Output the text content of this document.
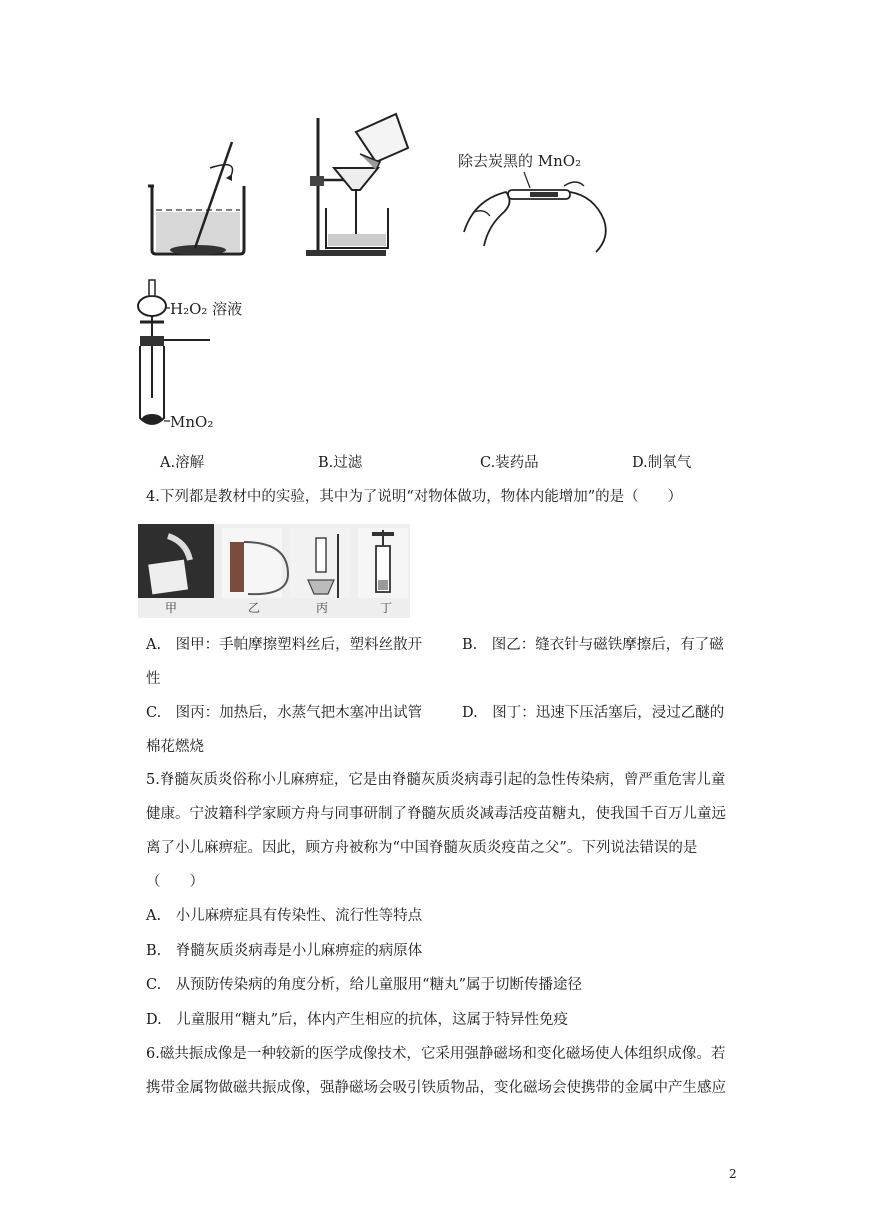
除去炭黑的 MnO₂
H₂O₂ 溶液
MnO₂
A.溶解	B.过滤	C.装药品	D.制氧气
4.下列都是教材中的实验，其中为了说明“对物体做功，物体内能增加”的是（　　）
甲	乙	丙	丁
A.　图甲：手帕摩擦塑料丝后，塑料丝散开	B.　图乙：缝衣针与磁铁摩擦后，有了磁
性
C.　图丙：加热后，水蒸气把木塞冲出试管	D.　图丁：迅速下压活塞后，浸过乙醚的
棉花燃烧
5.脊髓灰质炎俗称小儿麻痹症，它是由脊髓灰质炎病毒引起的急性传染病，曾严重危害儿童
健康。宁波籍科学家顾方舟与同事研制了脊髓灰质炎减毒活疫苗糖丸，使我国千百万儿童远
离了小儿麻痹症。因此，顾方舟被称为“中国脊髓灰质炎疫苗之父”。下列说法错误的是
（　　）
A.　小儿麻痹症具有传染性、流行性等特点
B.　脊髓灰质炎病毒是小儿麻痹症的病原体
C.　从预防传染病的角度分析，给儿童服用“糖丸”属于切断传播途径
D.　儿童服用“糖丸”后，体内产生相应的抗体，这属于特异性免疫
6.磁共振成像是一种较新的医学成像技术，它采用强静磁场和变化磁场使人体组织成像。若
携带金属物做磁共振成像，强静磁场会吸引铁质物品，变化磁场会使携带的金属中产生感应
2
